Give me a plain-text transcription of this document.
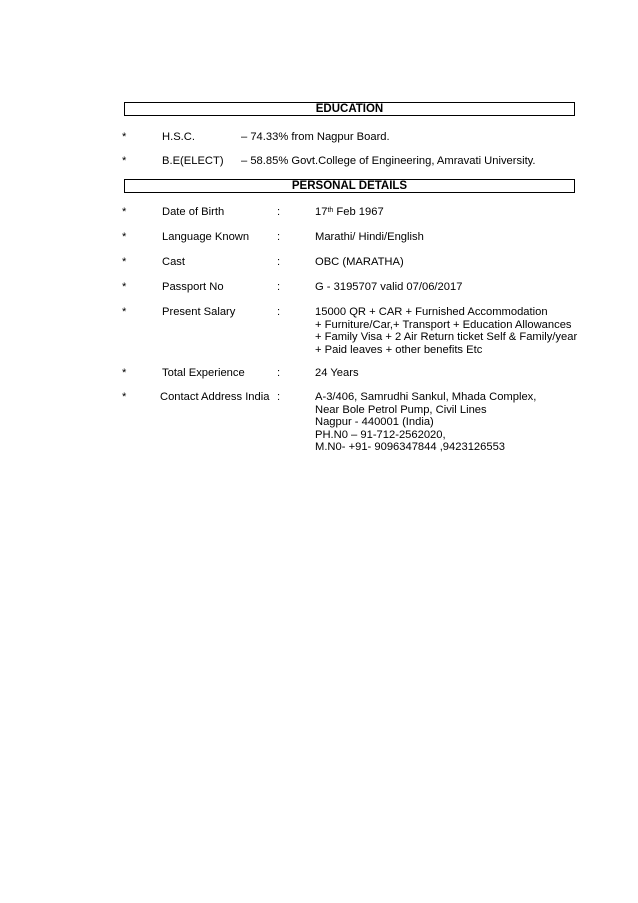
EDUCATION
*	H.S.C.	– 74.33% from Nagpur Board.
*	B.E(ELECT) – 58.85% Govt.College of Engineering, Amravati University.
PERSONAL DETAILS
*	Date of Birth	:	17th Feb 1967
*	Language Known :	Marathi/ Hindi/English
*	Cast	:	OBC (MARATHA)
*	Passport No	:	G - 3195707 valid 07/06/2017
*	Present Salary	:	15000 QR + CAR + Furnished Accommodation
+ Furniture/Car,+ Transport + Education Allowances
+ Family Visa + 2 Air Return ticket Self & Family/year
+ Paid leaves + other benefits Etc
*	Total Experience	:	24 Years
*	Contact Address India :	A-3/406, Samrudhi Sankul, Mhada Complex,
Near Bole Petrol Pump, Civil Lines
Nagpur - 440001 (India)
PH.N0 – 91-712-2562020,
M.N0- +91- 9096347844 ,9423126553
